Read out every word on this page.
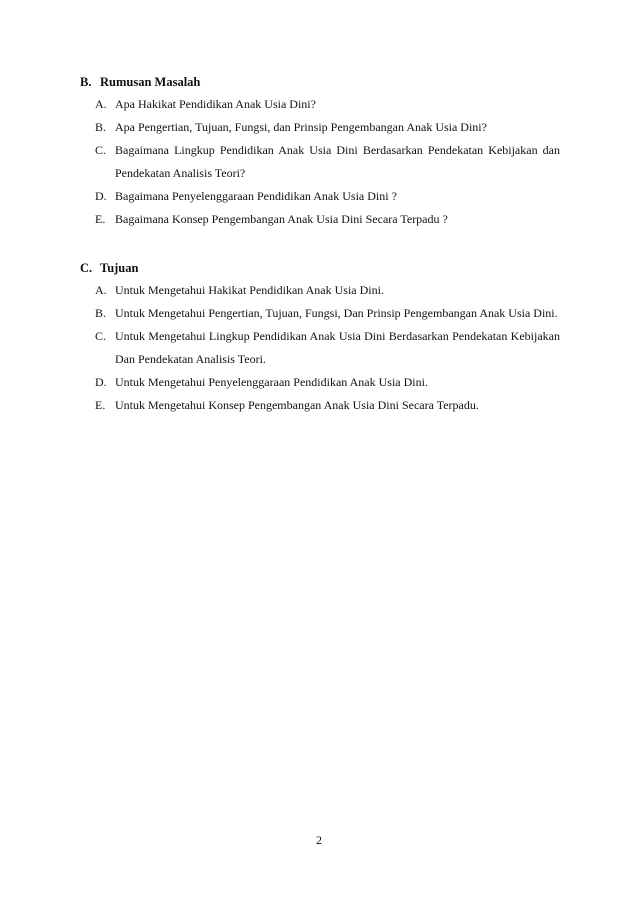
B. Rumusan Masalah
A. Apa Hakikat Pendidikan Anak Usia Dini?
B. Apa Pengertian, Tujuan, Fungsi, dan Prinsip Pengembangan Anak Usia Dini?
C. Bagaimana Lingkup Pendidikan Anak Usia Dini Berdasarkan Pendekatan Kebijakan dan Pendekatan Analisis Teori?
D. Bagaimana Penyelenggaraan Pendidikan Anak Usia Dini ?
E. Bagaimana Konsep Pengembangan Anak Usia Dini Secara Terpadu ?
C. Tujuan
A. Untuk Mengetahui Hakikat Pendidikan Anak Usia Dini.
B. Untuk Mengetahui Pengertian, Tujuan, Fungsi, Dan Prinsip Pengembangan Anak Usia Dini.
C. Untuk Mengetahui Lingkup Pendidikan Anak Usia Dini Berdasarkan Pendekatan Kebijakan Dan Pendekatan Analisis Teori.
D. Untuk Mengetahui Penyelenggaraan Pendidikan Anak Usia Dini.
E. Untuk Mengetahui Konsep Pengembangan Anak Usia Dini Secara Terpadu.
2
